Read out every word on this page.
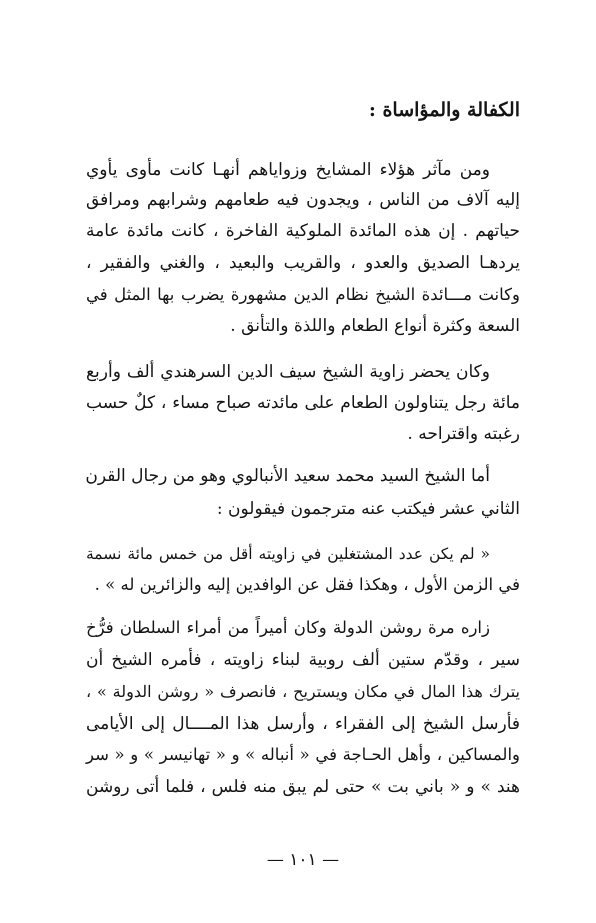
الكفالة والمؤاساة :
ومن مآثر هؤلاء المشايخ وزواياهم أنهـا كانت مأوى يأوي
إليه آلاف من الناس ، ويجدون فيه طعامهم وشرابهم ومرافق
حياتهم . إن هذه المائدة الملوكية الفاخرة ، كانت مائدة عامة
يردهـا الصديق والعدو ، والقريب والبعيد ، والغني والفقير ،
وكانت مـــائدة الشيخ نظام الدين مشهورة يضرب بها المثل في
السعة وكثرة أنواع الطعام واللذة والتأنق .
وكان يحضر زاوية الشيخ سيف الدين السرهندي ألف وأربع
مائة رجل يتناولون الطعام على مائدته صباح مساء ، كلٌ حسب
رغبته واقتراحه .
أما الشيخ السيد محمد سعيد الأنبالوي وهو من رجال القرن
الثاني عشر فيكتب عنه مترجمون فيقولون :
« لم يكن عدد المشتغلين في زاويته أقل من خمس مائة نسمة
في الزمن الأول ، وهكذا فقل عن الوافدين إليه والزائرين له » .
زاره مرة روشن الدولة وكان أميراً من أمراء السلطان فرُّخ
سير ، وقدّم ستين ألف روبية لبناء زاويته ، فأمره الشيخ أن
يترك هذا المال في مكان ويستريح ، فانصرف « روشن الدولة » ،
فأرسل الشيخ إلى الفقراء ، وأرسل هذا المــــال إلى الأيامى
والمساكين ، وأهل الحـاجة في « أنباله » و « تهانيسر » و « سر
هند » و « باني بت » حتى لم يبق منه فلس ، فلما أتى روشن
— ١٠١ —
